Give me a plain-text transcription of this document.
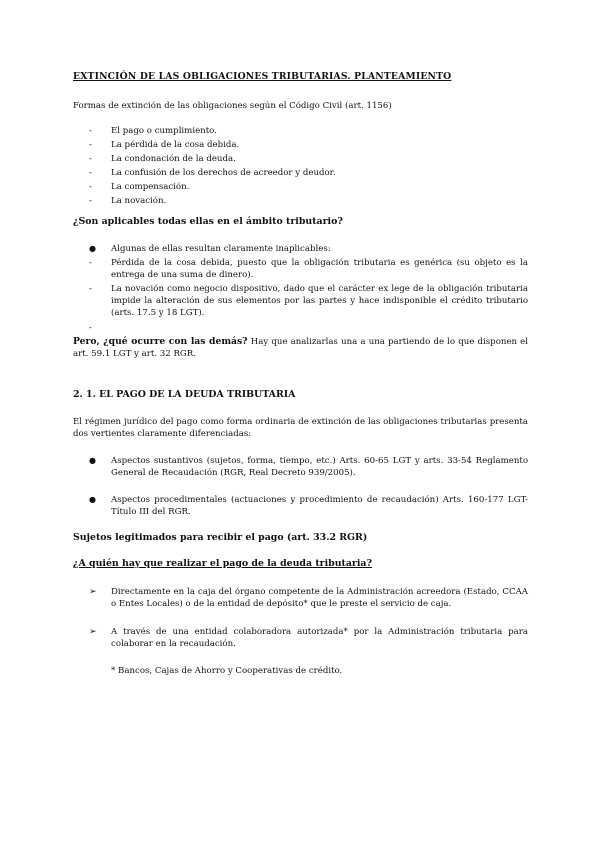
EXTINCIÓN DE LAS OBLIGACIONES TRIBUTARIAS. PLANTEAMIENTO
Formas de extinción de las obligaciones según el Código Civil (art. 1156)
- El pago o cumplimiento.
- La pérdida de la cosa debida.
- La condonación de la deuda.
- La confusión de los derechos de acreedor y deudor.
- La compensación.
- La novación.
¿Son aplicables todas ellas en el ámbito tributario?
● Algunas de ellas resultan claramente inaplicables:
- Pérdida de la cosa debida, puesto que la obligación tributaria es genérica (su objeto es la entrega de una suma de dinero).
- La novación como negocio dispositivo, dado que el carácter ex lege de la obligación tributaria impide la alteración de sus elementos por las partes y hace indisponible el crédito tributario (arts. 17.5 y 18 LGT).
-
Pero, ¿qué ocurre con las demás? Hay que analizarlas una a una partiendo de lo que disponen el art. 59.1 LGT y art. 32 RGR.
2. 1. EL PAGO DE LA DEUDA TRIBUTARIA
El régimen jurídico del pago como forma ordinaria de extinción de las obligaciones tributarias presenta dos vertientes claramente diferenciadas:
● Aspectos sustantivos (sujetos, forma, tiempo, etc.) Arts. 60-65 LGT y arts. 33-54 Reglamento General de Recaudación (RGR, Real Decreto 939/2005).
● Aspectos procedimentales (actuaciones y procedimiento de recaudación) Arts. 160-177 LGT-Título III del RGR.
Sujetos legitimados para recibir el pago (art. 33.2 RGR)
¿A quién hay que realizar el pago de la deuda tributaria?
➢ Directamente en la caja del órgano competente de la Administración acreedora (Estado, CCAA o Entes Locales) o de la entidad de depósito* que le preste el servicio de caja.
➢ A través de una entidad colaboradora autorizada* por la Administración tributaria para colaborar en la recaudación.
* Bancos, Cajas de Ahorro y Cooperativas de crédito.
